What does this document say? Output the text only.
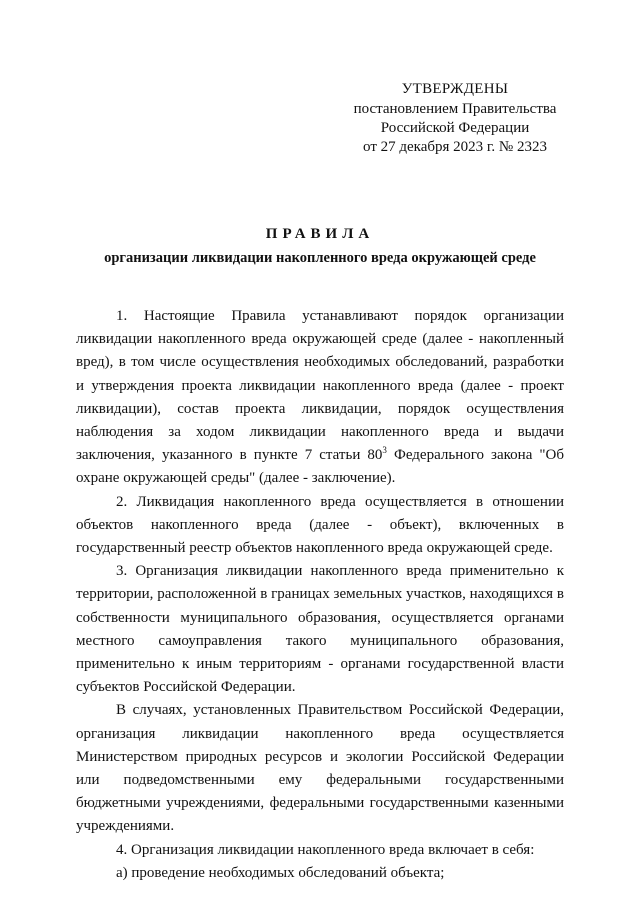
УТВЕРЖДЕНЫ
постановлением Правительства
Российской Федерации
от 27 декабря 2023 г. № 2323
ПРАВИЛА
организации ликвидации накопленного вреда окружающей среде

1. Настоящие Правила устанавливают порядок организации ликвидации накопленного вреда окружающей среде (далее - накопленный вред), в том числе осуществления необходимых обследований, разработки и утверждения проекта ликвидации накопленного вреда (далее - проект ликвидации), состав проекта ликвидации, порядок осуществления наблюдения за ходом ликвидации накопленного вреда и выдачи заключения, указанного в пункте 7 статьи $80^3$ Федерального закона "Об охране окружающей среды" (далее - заключение).

2. Ликвидация накопленного вреда осуществляется в отношении объектов накопленного вреда (далее - объект), включенных в государственный реестр объектов накопленного вреда окружающей среде.

3. Организация ликвидации накопленного вреда применительно к территории, расположенной в границах земельных участков, находящихся в собственности муниципального образования, осуществляется органами местного самоуправления такого муниципального образования, применительно к иным территориям - органами государственной власти субъектов Российской Федерации.

В случаях, установленных Правительством Российской Федерации, организация ликвидации накопленного вреда осуществляется Министерством природных ресурсов и экологии Российской Федерации или подведомственными ему федеральными государственными бюджетными учреждениями, федеральными государственными казенными учреждениями.

4. Организация ликвидации накопленного вреда включает в себя:

а) проведение необходимых обследований объекта;
